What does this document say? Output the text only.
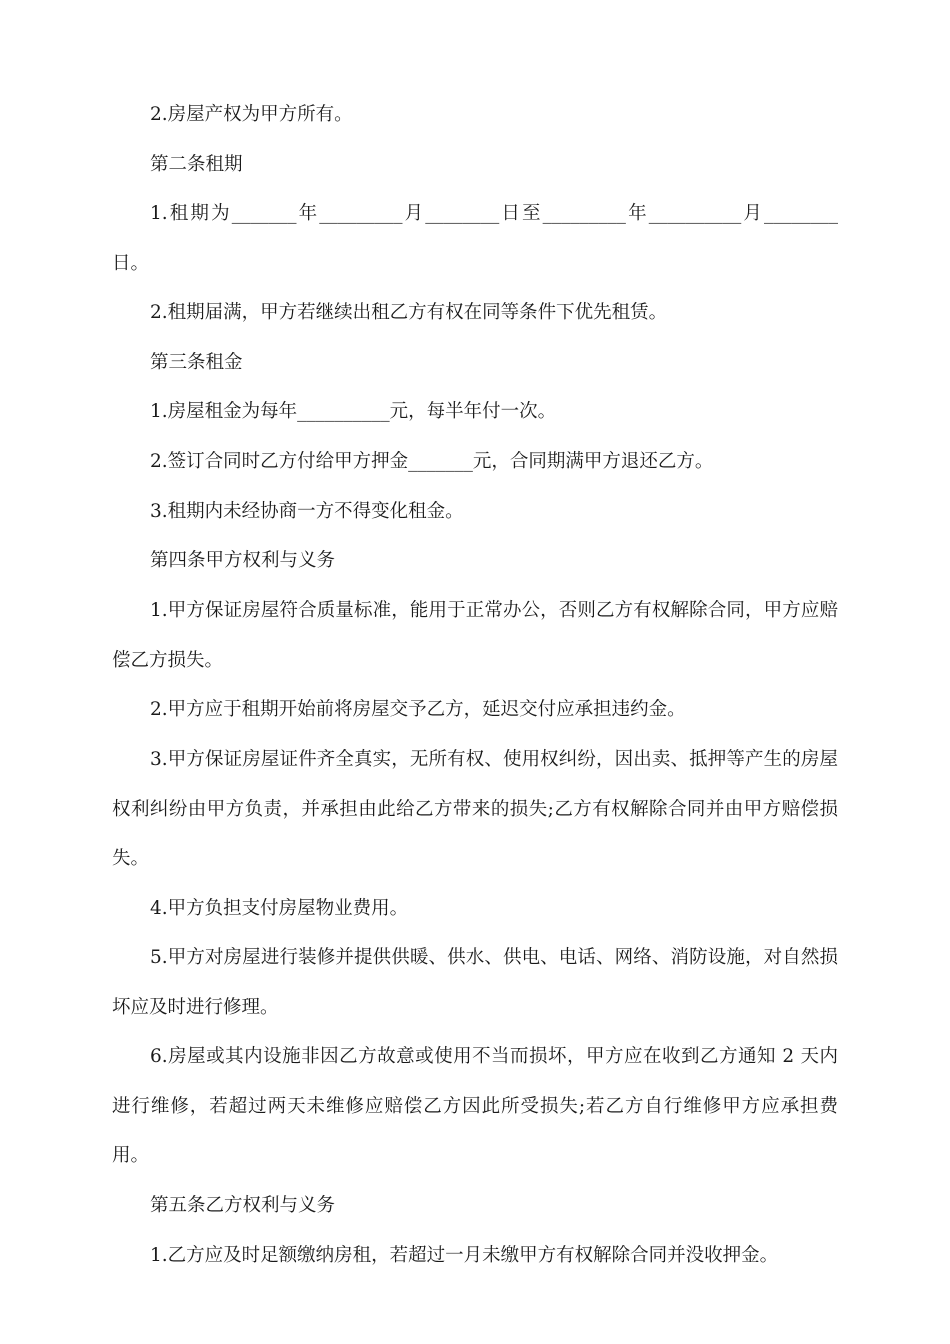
2.房屋产权为甲方所有。

第二条租期

1.租期为_______年_________月________日至_________年__________月________日。

2.租期届满，甲方若继续出租乙方有权在同等条件下优先租赁。

第三条租金

1.房屋租金为每年__________元，每半年付一次。

2.签订合同时乙方付给甲方押金_______元，合同期满甲方退还乙方。

3.租期内未经协商一方不得变化租金。

第四条甲方权利与义务

1.甲方保证房屋符合质量标准，能用于正常办公，否则乙方有权解除合同，甲方应赔偿乙方损失。

2.甲方应于租期开始前将房屋交予乙方，延迟交付应承担违约金。

3.甲方保证房屋证件齐全真实，无所有权、使用权纠纷，因出卖、抵押等产生的房屋权利纠纷由甲方负责，并承担由此给乙方带来的损失;乙方有权解除合同并由甲方赔偿损失。

4.甲方负担支付房屋物业费用。

5.甲方对房屋进行装修并提供供暖、供水、供电、电话、网络、消防设施，对自然损坏应及时进行修理。

6.房屋或其内设施非因乙方故意或使用不当而损坏，甲方应在收到乙方通知 2 天内进行维修，若超过两天未维修应赔偿乙方因此所受损失;若乙方自行维修甲方应承担费用。

第五条乙方权利与义务

1.乙方应及时足额缴纳房租，若超过一月未缴甲方有权解除合同并没收押金。
